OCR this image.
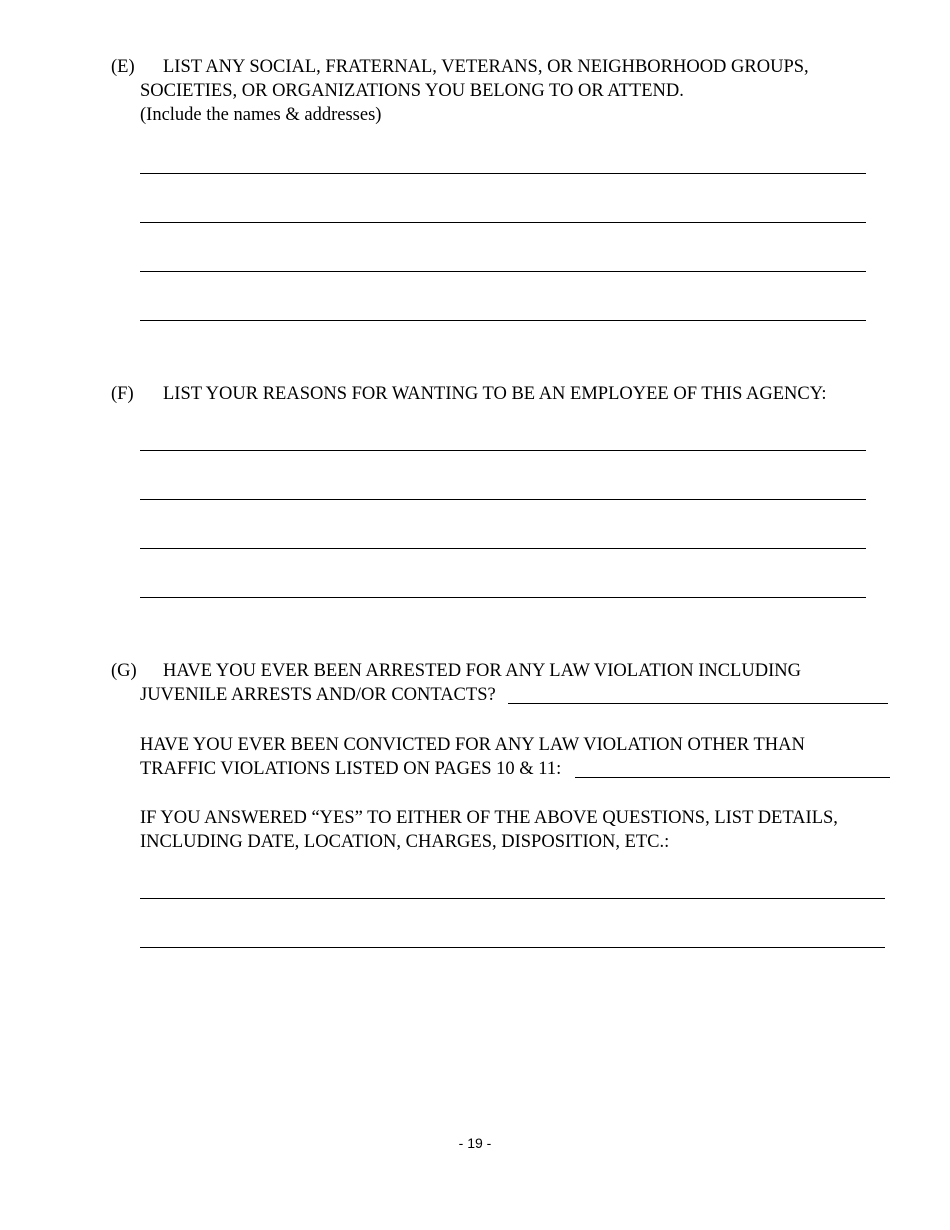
(E) LIST ANY SOCIAL, FRATERNAL, VETERANS, OR NEIGHBORHOOD GROUPS,
SOCIETIES, OR ORGANIZATIONS YOU BELONG TO OR ATTEND.
(Include the names & addresses)
(F) LIST YOUR REASONS FOR WANTING TO BE AN EMPLOYEE OF THIS AGENCY:
(G) HAVE YOU EVER BEEN ARRESTED FOR ANY LAW VIOLATION INCLUDING
JUVENILE ARRESTS AND/OR CONTACTS?
HAVE YOU EVER BEEN CONVICTED FOR ANY LAW VIOLATION OTHER THAN
TRAFFIC VIOLATIONS LISTED ON PAGES 10 & 11:
IF YOU ANSWERED “YES” TO EITHER OF THE ABOVE QUESTIONS, LIST DETAILS,
INCLUDING DATE, LOCATION, CHARGES, DISPOSITION, ETC.:
- 19 -
